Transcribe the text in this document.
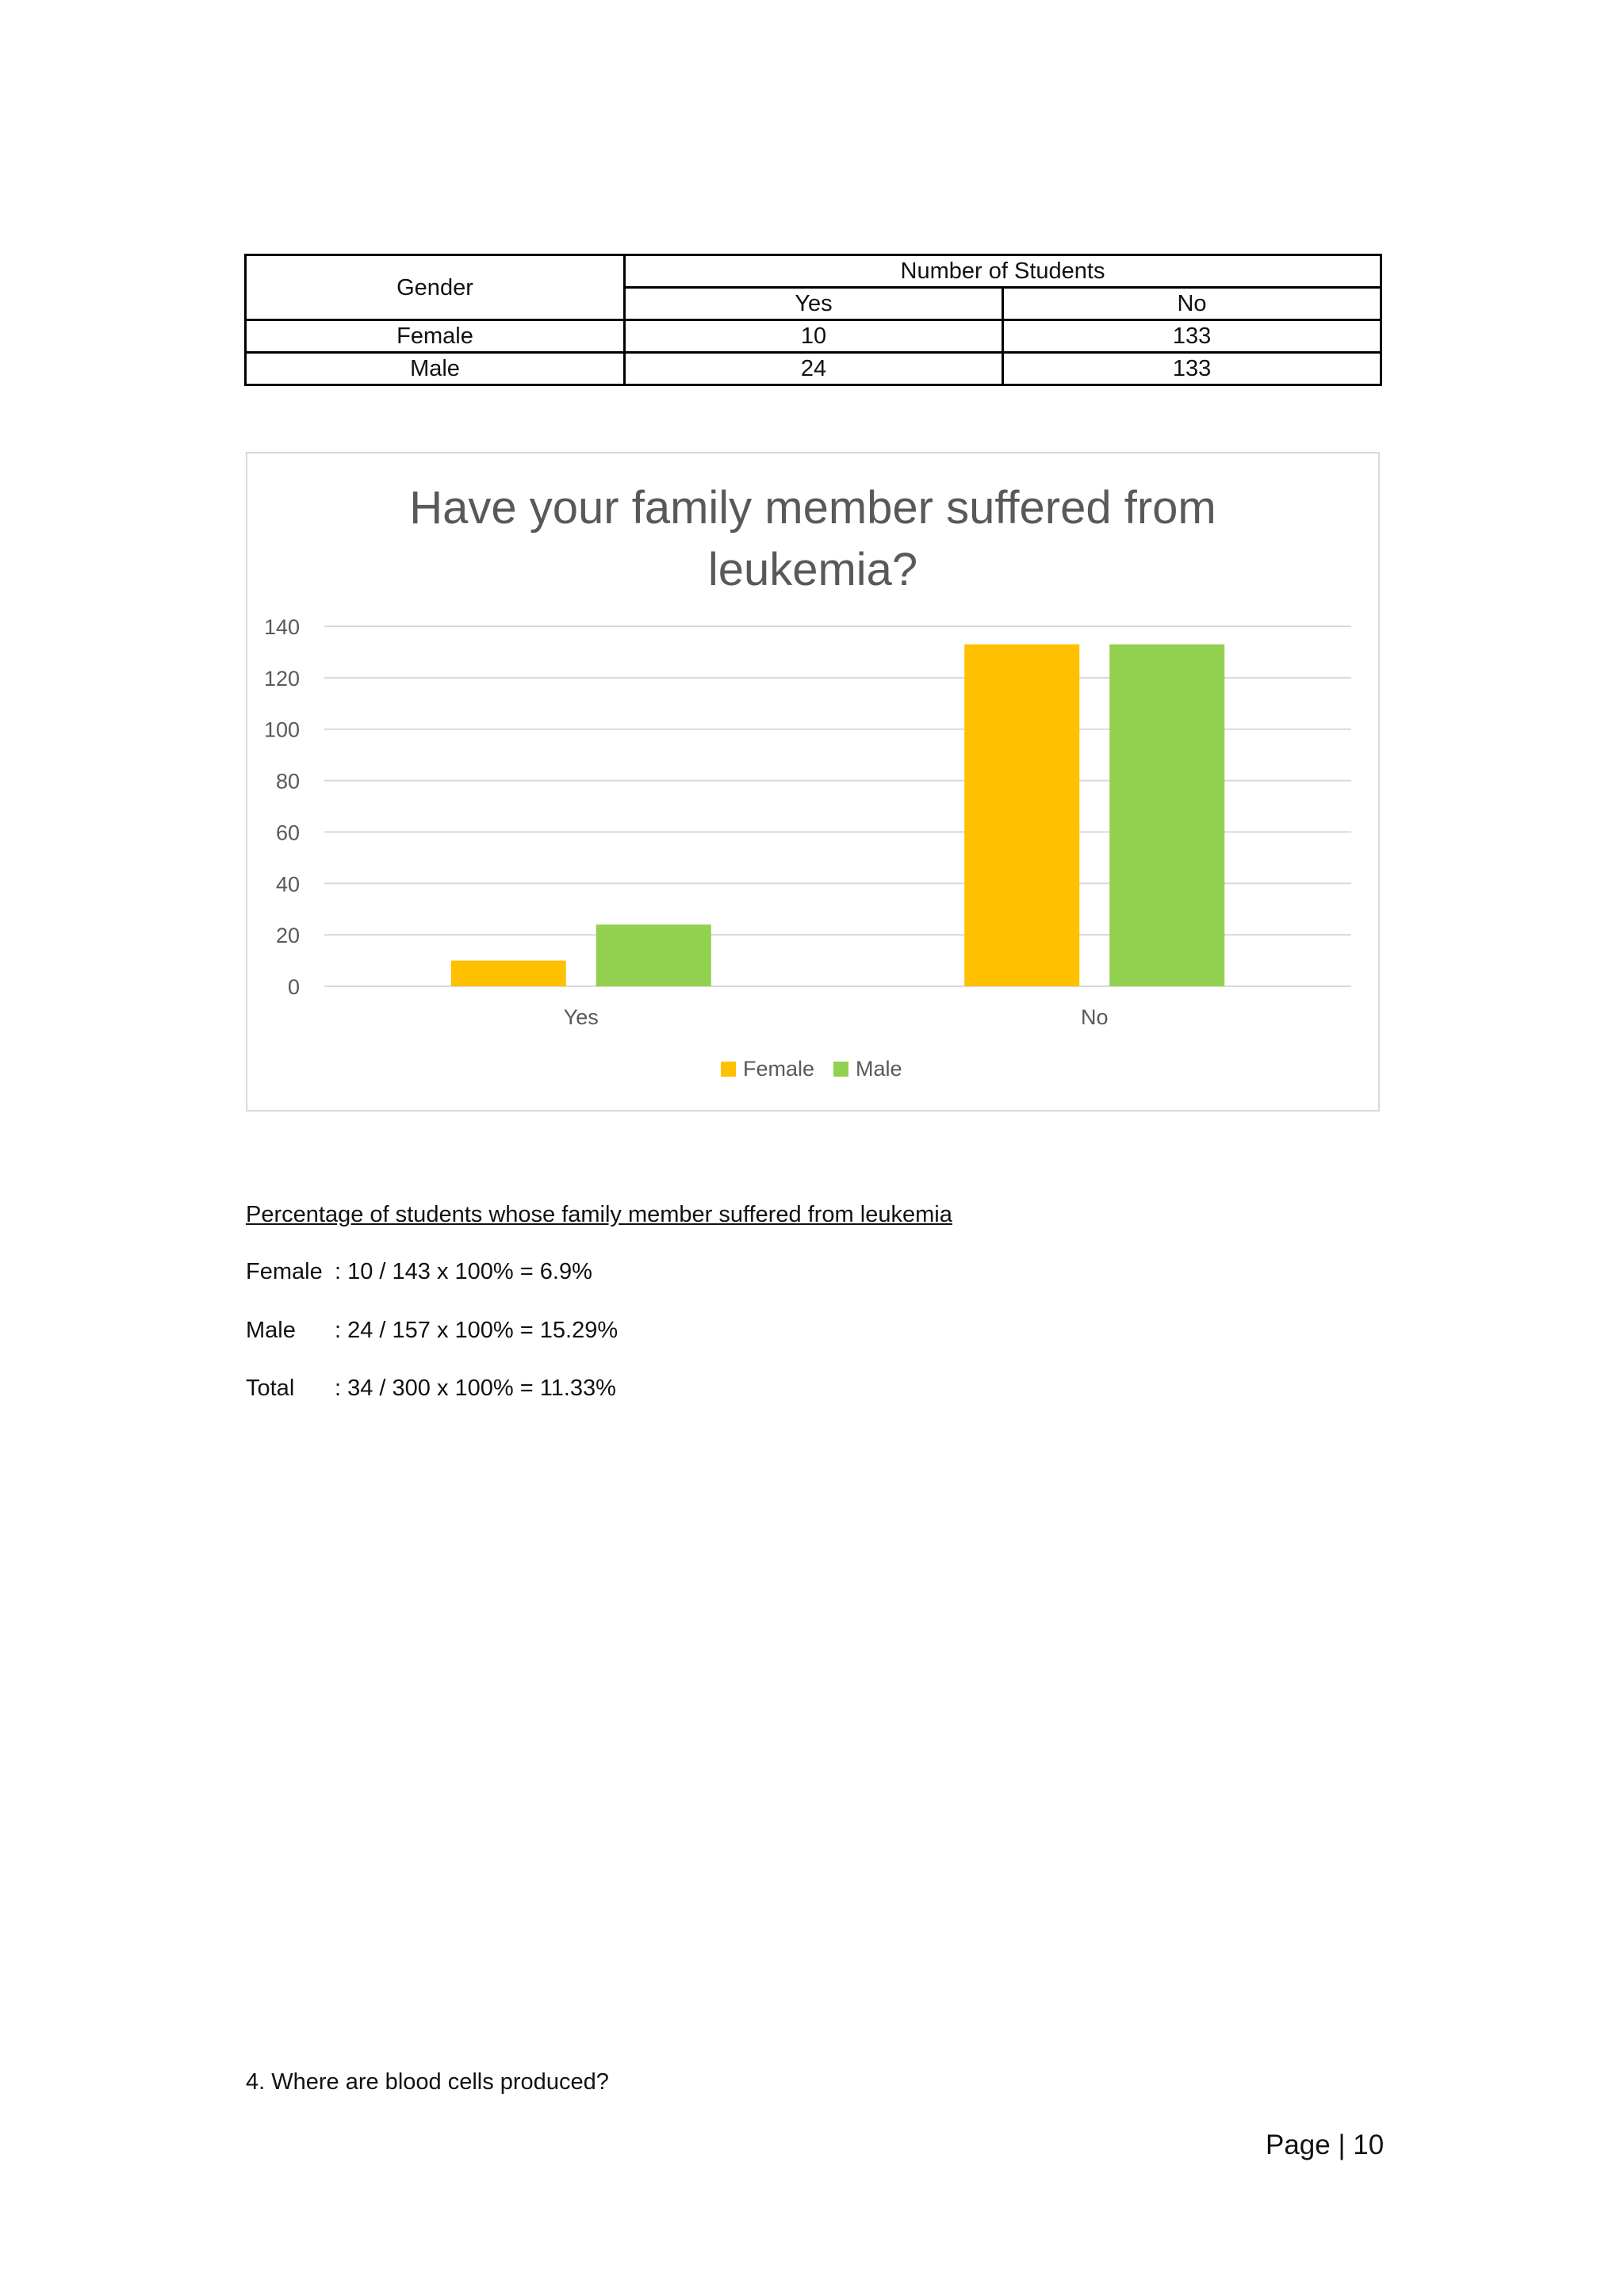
Gender	Number of Students	
	Yes	No
Female	10	133
Male	24	133
Have your family member suffered from
leukemia?
0
20
40
60
80
100
120
140
Yes	No
Female Male
Percentage of students whose family member suffered from leukemia
Female : 10 / 143 x 100% = 6.9%
Male	: 24 / 157 x 100% = 15.29%
Total	: 34 / 300 x 100% = 11.33%
4. Where are blood cells produced?
Page | 10
